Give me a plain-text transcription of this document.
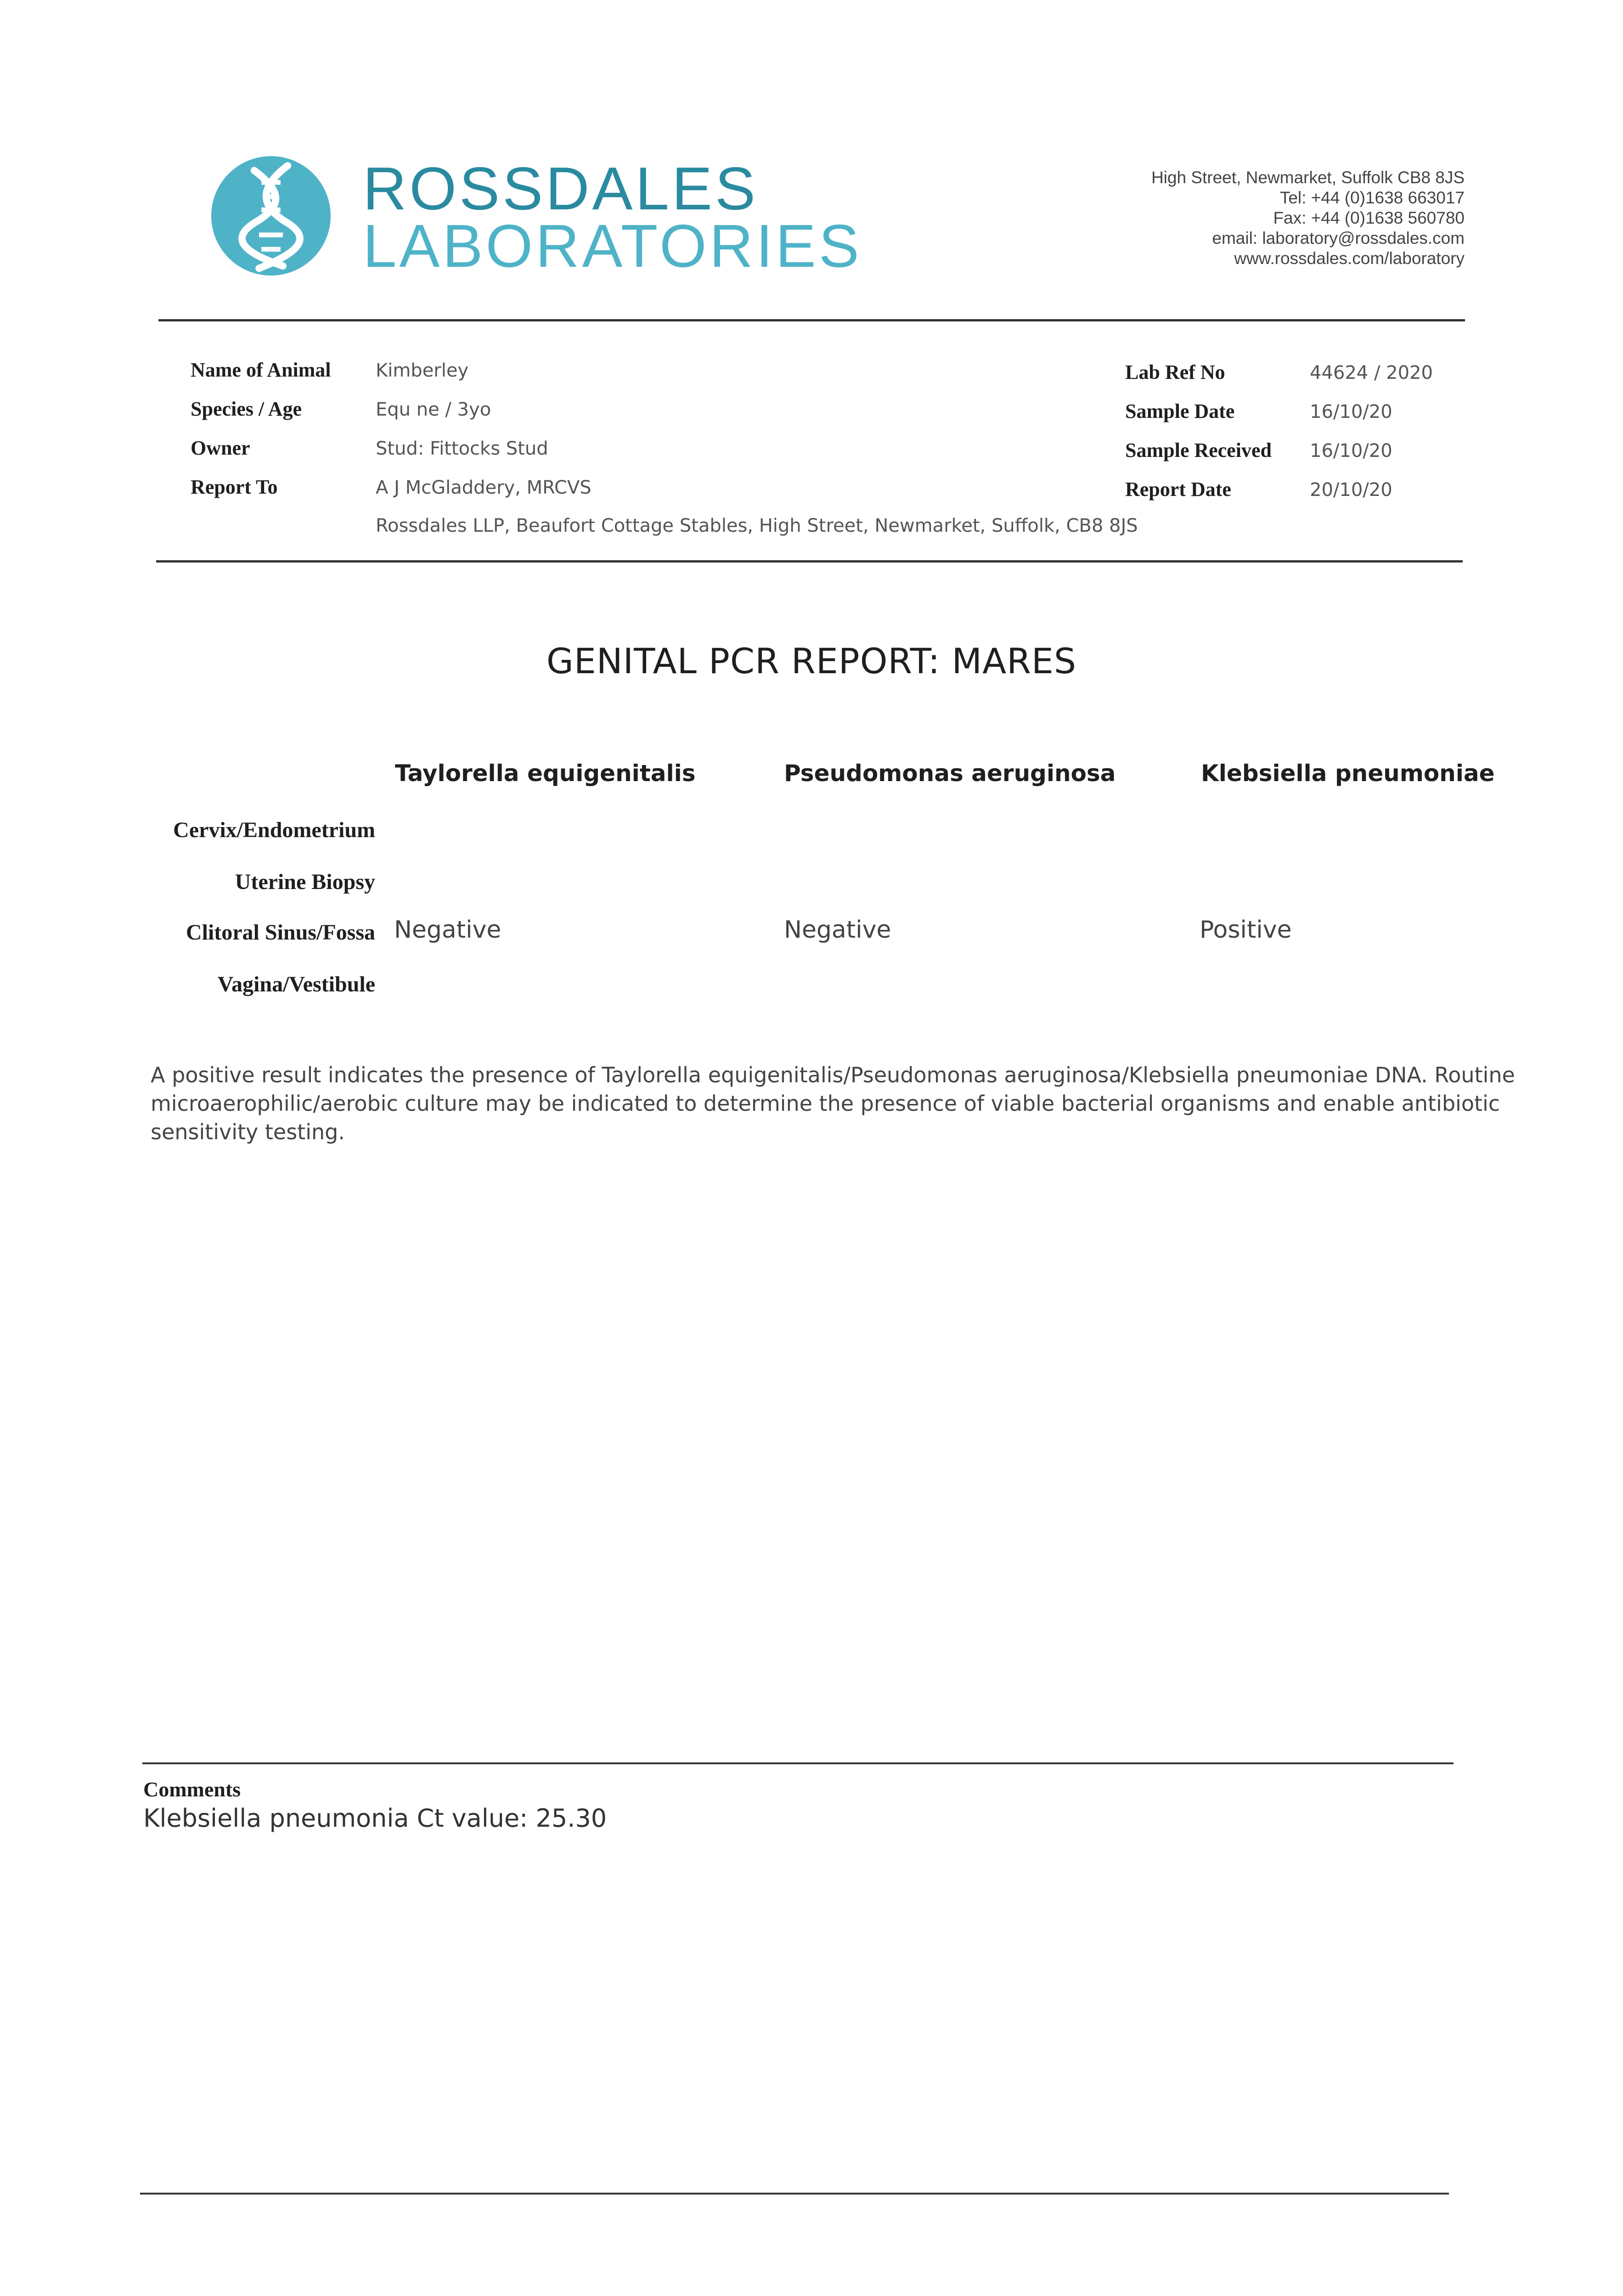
ROSSDALES
LABORATORIES
High Street, Newmarket, Suffolk CB8 8JS
Tel: +44 (0)1638 663017
Fax: +44 (0)1638 560780
email: laboratory@rossdales.com
www.rossdales.com/laboratory
Name of Animal Kimberley
Species / Age	Equ ne / 3yo
Owner	Stud: Fittocks Stud
Report To	A J McGladdery, MRCVS
Rossdales LLP, Beaufort Cottage Stables, High Street, Newmarket, Suffolk, CB8 8JS
Lab Ref No	44624 / 2020
Sample Date	16/10/20
Sample Received 16/10/20
Report Date	20/10/20
GENITAL PCR REPORT: MARES
Taylorella equigenitalis	Pseudomonas aeruginosa	Klebsiella pneumoniae
Cervix/Endometrium
Uterine Biopsy
Clitoral Sinus/Fossa Negative	Negative	Positive
Vagina/Vestibule
A positive result indicates the presence of Taylorella equigenitalis/Pseudomonas aeruginosa/Klebsiella pneumoniae DNA. Routine
microaerophilic/aerobic culture may be indicated to determine the presence of viable bacterial organisms and enable antibiotic
sensitivity testing.
Comments
Klebsiella pneumonia Ct value: 25.30
